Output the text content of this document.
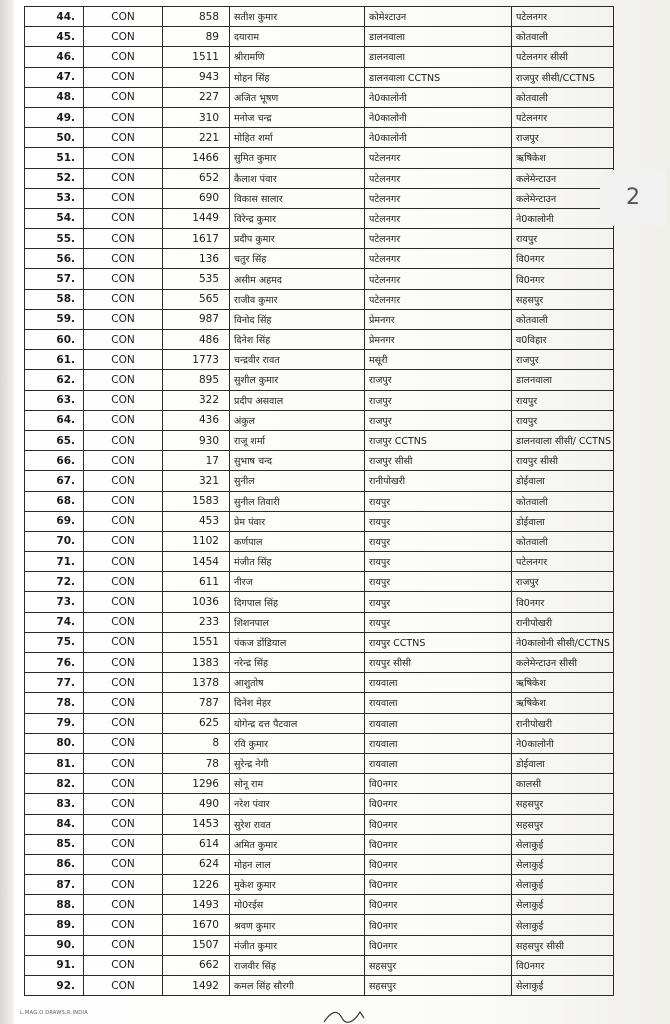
44.	CON	858	सतीश कुमार	कोमेश्टाउन	पटेलनगर
45.	CON	89	दयाराम	डालनवाला	कोतवाली
46.	CON	1511	श्रीरामणि	डालनवाला	पटेलनगर सीसी
47.	CON	943	मोहन सिंह	डालनवाला CCTNS	राजपुर सीसी/CCTNS
48.	CON	227	अजित भूषण	ने0कालोनी	कोतवाली
49.	CON	310	मनोज चन्द्र	ने0कालोनी	पटेलनगर
50.	CON	221	मोहित शर्मा	ने0कालोनी	राजपुर
51.	CON	1466	सुमित कुमार	पटेलनगर	ऋषिकेश
52.	CON	652	कैलाश पंवार	पटेलनगर	कलेमेन्टाउन
53.	CON	690	विकास सालार	पटेलनगर	कलेमेन्टाउन
54.	CON	1449	विरेन्द्र कुमार	पटेलनगर	ने0कालोनी
55.	CON	1617	प्रदीप कुमार	पटेलनगर	रायपुर
56.	CON	136	चतुर सिंह	पटेलनगर	वि0नगर
57.	CON	535	असीम अहमद	पटेलनगर	वि0नगर
58.	CON	565	राजीव कुमार	पटेलनगर	सहसपुर
59.	CON	987	विनोद सिंह	प्रेमनगर	कोतवाली
60.	CON	486	दिनेश सिंह	प्रेमनगर	व0विहार
61.	CON	1773	चन्द्रवीर रावत	मसूरी	राजपुर
62.	CON	895	सुशील कुमार	राजपुर	डालनवाला
63.	CON	322	प्रदीप असवाल	राजपुर	रायपुर
64.	CON	436	अंकुल	राजपुर	रायपुर
65.	CON	930	राजू शर्मा	राजपुर CCTNS	डालनवाला सीसी/ CCTNS
66.	CON	17	सुभाष चन्द	राजपुर सीसी	रायपुर सीसी
67.	CON	321	सुनील	रानीपोखरी	डोईवाला
68.	CON	1583	सुनील तिवारी	रायपुर	कोतवाली
69.	CON	453	प्रेम पंवार	रायपुर	डोईवाला
70.	CON	1102	कर्णपाल	रायपुर	कोतवाली
71.	CON	1454	मंजीत सिंह	रायपुर	पटेलनगर
72.	CON	611	नीरज	रायपुर	राजपुर
73.	CON	1036	दिगपाल सिंह	रायपुर	वि0नगर
74.	CON	233	शिशनपाल	रायपुर	रानीपोखरी
75.	CON	1551	पंकज डोंडियाल	रायपुर CCTNS	ने0कालोनी सीसी/CCTNS
76.	CON	1383	नरेन्द्र सिंह	रायपुर सीसी	कलेमेन्टाउन सीसी
77.	CON	1378	आशुतोष	रायवाला	ऋषिकेश
78.	CON	787	दिनेश मेहर	रायवाला	ऋषिकेश
79.	CON	625	योगेन्द्र दत्त पैटवाल	रायवाला	रानीपोखरी
80.	CON	8	रवि कुमार	रायवाला	ने0कालोनी
81.	CON	78	सुरेन्द्र नेगी	रायवाला	डोईवाला
82.	CON	1296	सोनू राम	वि0नगर	कालसी
83.	CON	490	नरेश पंवार	वि0नगर	सहसपुर
84.	CON	1453	सुरेश रावत	वि0नगर	सहसपुर
85.	CON	614	अमित कुमार	वि0नगर	सेलाकुई
86.	CON	624	मोहन लाल	वि0नगर	सेलाकुई
87.	CON	1226	मुकेश कुमार	वि0नगर	सेलाकुई
88.	CON	1493	मो0रईस	वि0नगर	सेलाकुई
89.	CON	1670	श्रवण कुमार	वि0नगर	सेलाकुई
90.	CON	1507	मंजीत कुमार	वि0नगर	सहसपुर सीसी
91.	CON	662	राजवीर सिंह	सहसपुर	वि0नगर
92.	CON	1492	कमल सिंह सौरगी	सहसपुर	सेलाकुई
2
L.MAG.O.DRAWS.R.INDIA
